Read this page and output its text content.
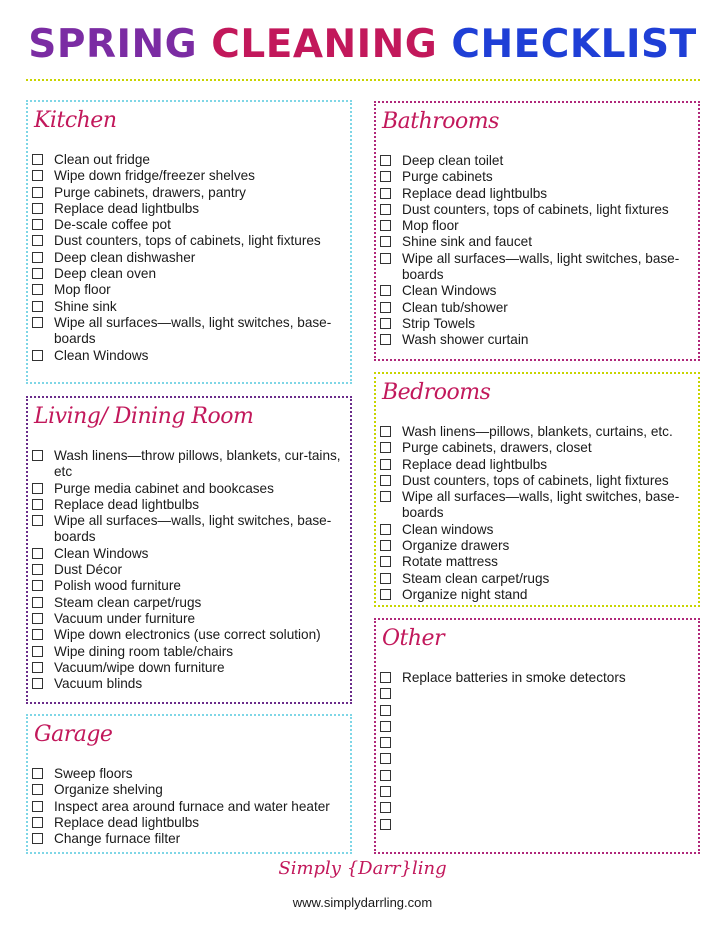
SPRING CLEANING CHECKLIST
Kitchen
Clean out fridge
Wipe down fridge/freezer shelves
Purge cabinets, drawers, pantry
Replace dead lightbulbs
De-scale coffee pot
Dust counters, tops of cabinets, light fixtures
Deep clean dishwasher
Deep clean oven
Mop floor
Shine sink
Wipe all surfaces—walls, light switches, base-boards
Clean Windows
Bathrooms
Deep clean toilet
Purge cabinets
Replace dead lightbulbs
Dust counters, tops of cabinets, light fixtures
Mop floor
Shine sink and faucet
Wipe all surfaces—walls, light switches, base-boards
Clean Windows
Clean tub/shower
Strip Towels
Wash shower curtain
Living/ Dining Room
Wash linens—throw pillows, blankets, cur-tains, etc
Purge media cabinet and bookcases
Replace dead lightbulbs
Wipe all surfaces—walls, light switches, base-boards
Clean Windows
Dust Décor
Polish wood furniture
Steam clean carpet/rugs
Vacuum under furniture
Wipe down electronics (use correct solution)
Wipe dining room table/chairs
Vacuum/wipe down furniture
Vacuum blinds
Bedrooms
Wash linens—pillows, blankets, curtains, etc.
Purge cabinets, drawers, closet
Replace dead lightbulbs
Dust counters, tops of cabinets, light fixtures
Wipe all surfaces—walls, light switches, base-boards
Clean windows
Organize drawers
Rotate mattress
Steam clean carpet/rugs
Organize night stand
Garage
Sweep floors
Organize shelving
Inspect area around furnace and water heater
Replace dead lightbulbs
Change furnace filter
Other
Replace batteries in smoke detectors
Simply {Darr}ling
www.simplydarrling.com
